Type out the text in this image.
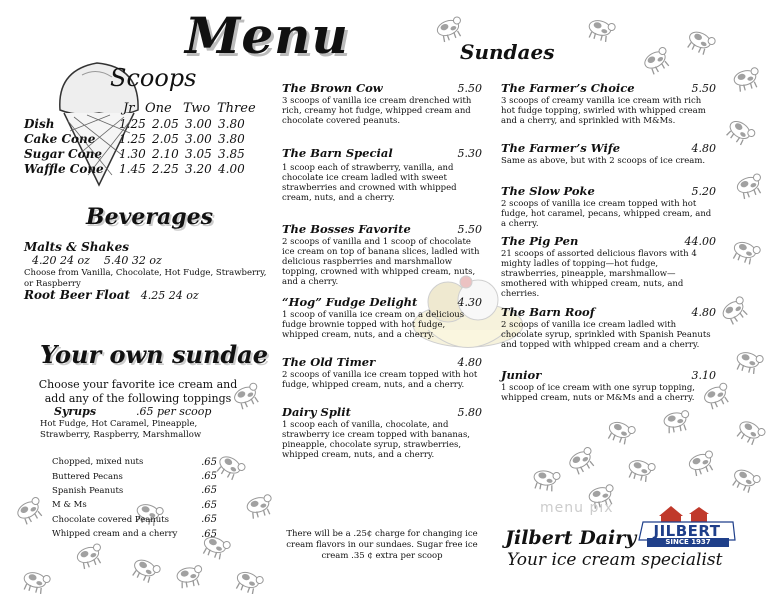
Menu
Scoops
Jr One Two Three
Dish	1.25 2.05 3.00 3.80
Cake Cone	1.25 2.05 3.00 3.80
Sugar Cone	1.30 2.10 3.05 3.85
Waffle Cone	1.45 2.25 3.20 4.00
Beverages
Malts & Shakes 4.20 24 oz    5.40 32 oz
Choose from Vanilla, Chocolate, Hot Fudge, Strawberry, or Raspberry
Root Beer Float 4.25 24 oz
Your own sundae
Choose your favorite ice cream and add any of the following toppings
Syrups	.65 per scoop
Hot Fudge, Hot Caramel, Pineapple, Strawberry, Raspberry, Marshmallow
Chopped, mixed nuts	.65
Buttered Pecans	.65
Spanish Peanuts	.65
M & Ms	.65
Chocolate covered Peanuts	.65
Whipped cream and a cherry .65
Sundaes
The Brown Cow	5.50
3 scoops of vanilla ice cream drenched with rich, creamy hot fudge, whipped cream and chocolate covered peanuts.
The Barn Special	5.30
1 scoop each of strawberry, vanilla, and chocolate ice cream ladled with sweet strawberries and crowned with whipped cream, nuts, and a cherry.
The Bosses Favorite	5.50
2 scoops of vanilla and 1 scoop of chocolate ice cream on top of banana slices, ladled with delicious raspberries and marshmallow topping, crowned with whipped cream, nuts, and a cherry.
“Hog” Fudge Delight	4.30
1 scoop of vanilla ice cream on a delicious fudge brownie topped with hot fudge, whipped cream, nuts, and a cherry.
The Old Timer	4.80
2 scoops of vanilla ice cream topped with hot fudge, whipped cream, nuts, and a cherry.
Dairy Split	5.80
1 scoop each of vanilla, chocolate, and strawberry ice cream topped with bananas, pineapple, chocolate syrup, strawberries, whipped cream, nuts, and a cherry.
The Farmer’s Choice	5.50
3 scoops of creamy vanilla ice cream with rich hot fudge topping, swirled with whipped cream and a cherry, and sprinkled with M&Ms.
The Farmer’s Wife	4.80
Same as above, but with 2 scoops of ice cream.
The Slow Poke	5.20
2 scoops of vanilla ice cream topped with hot fudge, hot caramel, pecans, whipped cream, and a cherry.
The Pig Pen	44.00
21 scoops of assorted delicious flavors with 4 mighty ladles of topping—hot fudge, strawberries, pineapple, marshmallow—smothered with whipped cream, nuts, and cherries.
The Barn Roof	4.80
2 scoops of vanilla ice cream ladled with chocolate syrup, sprinkled with Spanish Peanuts and topped with whipped cream and a cherry.
Junior	3.10
1 scoop of ice cream with one syrup topping, whipped cream, nuts or M&Ms and a cherry.
There will be a .25¢ charge for changing ice cream flavors in our sundaes. Sugar free ice cream .35 ¢ extra per scoop
menu pix
JILBERT
SINCE 1937
Jilbert Dairy
Your ice cream specialist
